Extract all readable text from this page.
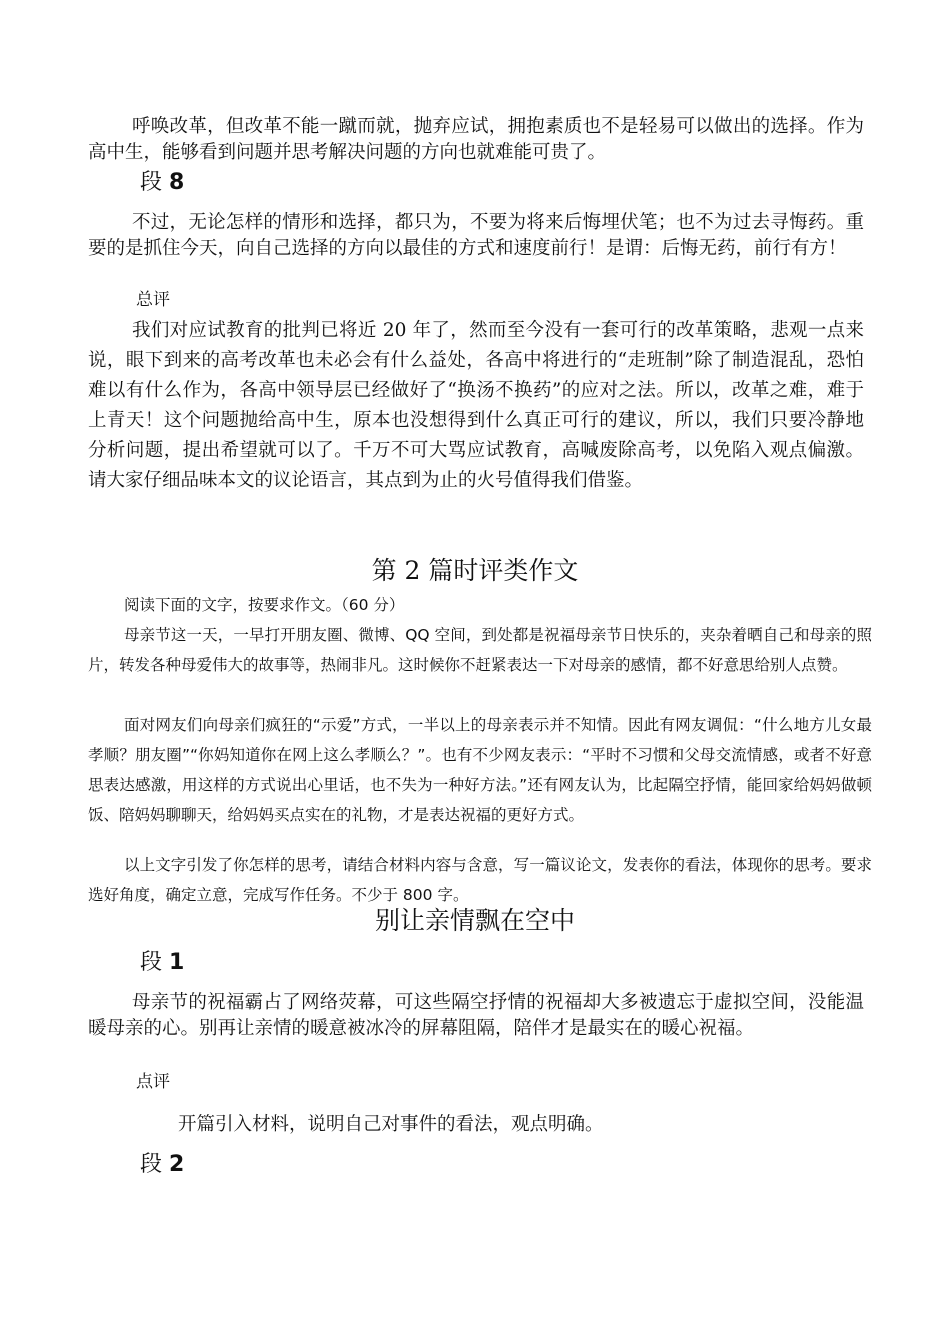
呼唤改革，但改革不能一蹴而就，抛弃应试，拥抱素质也不是轻易可以做出的选择。作为高中生，能够看到问题并思考解决问题的方向也就难能可贵了。

段 8

不过，无论怎样的情形和选择，都只为，不要为将来后悔埋伏笔；也不为过去寻悔药。重要的是抓住今天，向自己选择的方向以最佳的方式和速度前行！是谓：后悔无药，前行有方！

总评

我们对应试教育的批判已将近 20 年了，然而至今没有一套可行的改革策略，悲观一点来说，眼下到来的高考改革也未必会有什么益处，各高中将进行的“走班制”除了制造混乱，恐怕难以有什么作为，各高中领导层已经做好了“换汤不换药”的应对之法。所以，改革之难，难于上青天！这个问题抛给高中生，原本也没想得到什么真正可行的建议，所以，我们只要冷静地分析问题，提出希望就可以了。千万不可大骂应试教育，高喊废除高考，以免陷入观点偏激。请大家仔细品味本文的议论语言，其点到为止的火号值得我们借鉴。

第 2 篇时评类作文

阅读下面的文字，按要求作文。（60 分）

母亲节这一天，一早打开朋友圈、微博、QQ 空间，到处都是祝福母亲节日快乐的，夹杂着晒自己和母亲的照片，转发各种母爱伟大的故事等，热闹非凡。这时候你不赶紧表达一下对母亲的感情，都不好意思给别人点赞。

面对网友们向母亲们疯狂的“示爱”方式，一半以上的母亲表示并不知情。因此有网友调侃：“什么地方儿女最孝顺？朋友圈”“你妈知道你在网上这么孝顺么？”。也有不少网友表示：“平时不习惯和父母交流情感，或者不好意思表达感激，用这样的方式说出心里话，也不失为一种好方法。”还有网友认为，比起隔空抒情，能回家给妈妈做顿饭、陪妈妈聊聊天，给妈妈买点实在的礼物，才是表达祝福的更好方式。

以上文字引发了你怎样的思考，请结合材料内容与含意，写一篇议论文，发表你的看法，体现你的思考。要求选好角度，确定立意，完成写作任务。不少于 800 字。

别让亲情飘在空中
段 1

母亲节的祝福霸占了网络荧幕，可这些隔空抒情的祝福却大多被遗忘于虚拟空间，没能温暖母亲的心。别再让亲情的暖意被冰冷的屏幕阻隔，陪伴才是最实在的暖心祝福。

点评
开篇引入材料，说明自己对事件的看法，观点明确。
段 2
